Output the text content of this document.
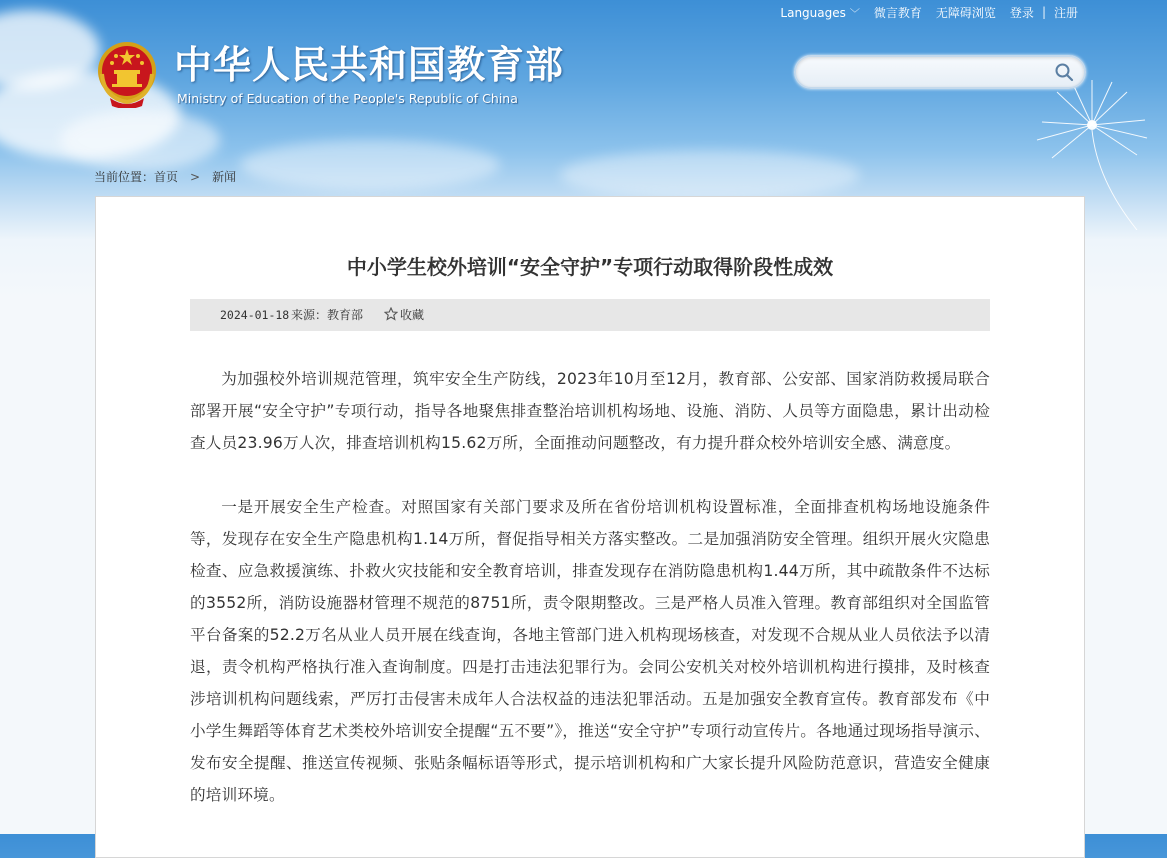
Languages ﹀	微言教育	无障碍浏览	登录 | 注册
中华人民共和国教育部
Ministry of Education of the People's Republic of China
当前位置：首页 > 新闻
中小学生校外培训“安全守护”专项行动取得阶段性成效
2024-01-18 来源：教育部	收藏

为加强校外培训规范管理，筑牢安全生产防线，2023年10月至12月，教育部、公安部、国家消防救援局联合部署开展“安全守护”专项行动，指导各地聚焦排查整治培训机构场地、设施、消防、人员等方面隐患，累计出动检查人员23.96万人次，排查培训机构15.62万所，全面推动问题整改，有力提升群众校外培训安全感、满意度。

一是开展安全生产检查。对照国家有关部门要求及所在省份培训机构设置标准，全面排查机构场地设施条件等，发现存在安全生产隐患机构1.14万所，督促指导相关方落实整改。二是加强消防安全管理。组织开展火灾隐患检查、应急救援演练、扑救火灾技能和安全教育培训，排查发现存在消防隐患机构1.44万所，其中疏散条件不达标的3552所，消防设施器材管理不规范的8751所，责令限期整改。三是严格人员准入管理。教育部组织对全国监管平台备案的52.2万名从业人员开展在线查询，各地主管部门进入机构现场核查，对发现不合规从业人员依法予以清退，责令机构严格执行准入查询制度。四是打击违法犯罪行为。会同公安机关对校外培训机构进行摸排，及时核查涉培训机构问题线索，严厉打击侵害未成年人合法权益的违法犯罪活动。五是加强安全教育宣传。教育部发布《中小学生舞蹈等体育艺术类校外培训安全提醒“五不要”》，推送“安全守护”专项行动宣传片。各地通过现场指导演示、发布安全提醒、推送宣传视频、张贴条幅标语等形式，提示培训机构和广大家长提升风险防范意识，营造安全健康的培训环境。
